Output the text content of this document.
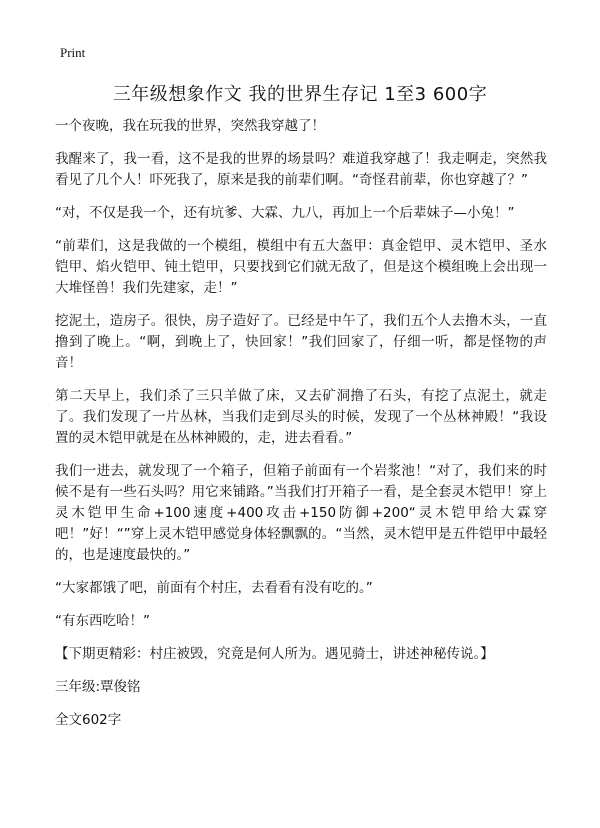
Print
三年级想象作文 我的世界生存记 1至3 600字

一个夜晚，我在玩我的世界，突然我穿越了！

我醒来了，我一看，这不是我的世界的场景吗？难道我穿越了！我走啊走，突然我看见了几个人！吓死我了，原来是我的前辈们啊。“奇怪君前辈，你也穿越了？”

“对，不仅是我一个，还有坑爹、大霖、九八，再加上一个后辈妹子—小兔！”

“前辈们，这是我做的一个模组，模组中有五大盔甲：真金铠甲、灵木铠甲、圣水铠甲、焰火铠甲、钝土铠甲，只要找到它们就无敌了，但是这个模组晚上会出现一大堆怪兽！我们先建家，走！”

挖泥土，造房子。很快，房子造好了。已经是中午了，我们五个人去撸木头，一直撸到了晚上。“啊，到晚上了，快回家！”我们回家了，仔细一听，都是怪物的声音！

第二天早上，我们杀了三只羊做了床，又去矿洞撸了石头，有挖了点泥土，就走了。我们发现了一片丛林，当我们走到尽头的时候，发现了一个丛林神殿！“我设置的灵木铠甲就是在丛林神殿的，走，进去看看。”

我们一进去，就发现了一个箱子，但箱子前面有一个岩浆池！“对了，我们来的时候不是有一些石头吗？用它来铺路。”当我们打开箱子一看，是全套灵木铠甲！穿上灵木铠甲生命+100速度+400攻击+150防御+200“灵木铠甲给大霖穿吧！”好！“”穿上灵木铠甲感觉身体轻飘飘的。“当然，灵木铠甲是五件铠甲中最轻的，也是速度最快的。”

“大家都饿了吧，前面有个村庄，去看看有没有吃的。”

“有东西吃哈！”

【下期更精彩：村庄被毁，究竟是何人所为。遇见骑士，讲述神秘传说。】

三年级:覃俊铭

全文602字
